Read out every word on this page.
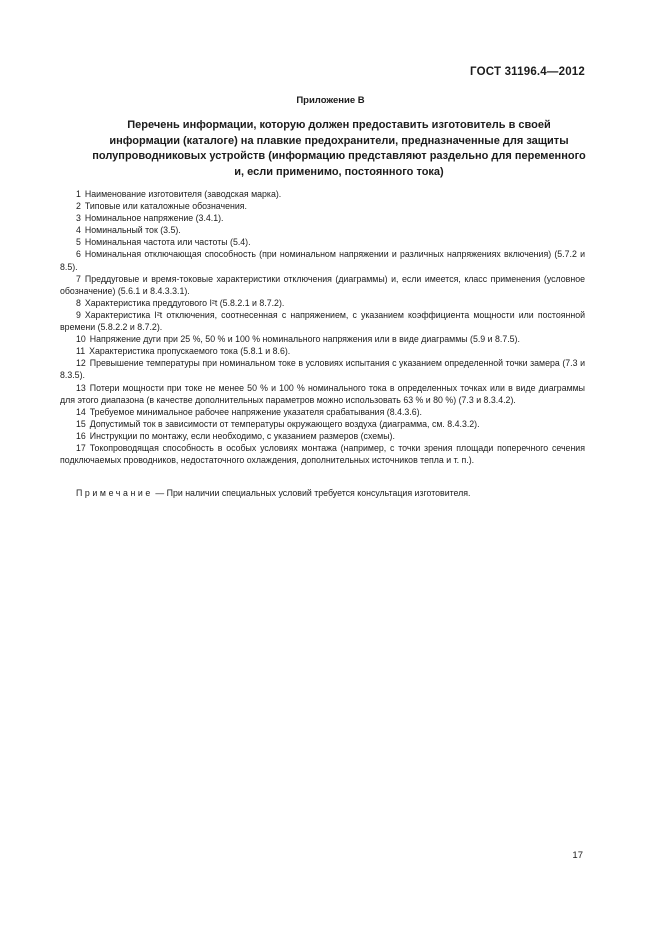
ГОСТ 31196.4—2012
Приложение В
Перечень информации, которую должен предоставить изготовитель в своей информации (каталоге) на плавкие предохранители, предназначенные для защиты полупроводниковых устройств (информацию представляют раздельно для переменного и, если применимо, постоянного тока)

1 Наименование изготовителя (заводская марка).

2 Типовые или каталожные обозначения.

3 Номинальное напряжение (3.4.1).

4 Номинальный ток (3.5).

5 Номинальная частота или частоты (5.4).

6 Номинальная отключающая способность (при номинальном напряжении и различных напряжениях включения) (5.7.2 и 8.5).

7 Преддуговые и время-токовые характеристики отключения (диаграммы) и, если имеется, класс применения (условное обозначение) (5.6.1 и 8.4.3.3.1).

8 Характеристика преддугового I²t (5.8.2.1 и 8.7.2).

9 Характеристика I²t отключения, соотнесенная с напряжением, с указанием коэффициента мощности или постоянной времени (5.8.2.2 и 8.7.2).

10 Напряжение дуги при 25 %, 50 % и 100 % номинального напряжения или в виде диаграммы (5.9 и 8.7.5).

11 Характеристика пропускаемого тока (5.8.1 и 8.6).

12 Превышение температуры при номинальном токе в условиях испытания с указанием определенной точки замера (7.3 и 8.3.5).

13 Потери мощности при токе не менее 50 % и 100 % номинального тока в определенных точках или в виде диаграммы для этого диапазона (в качестве дополнительных параметров можно использовать 63 % и 80 %) (7.3 и 8.3.4.2).

14 Требуемое минимальное рабочее напряжение указателя срабатывания (8.4.3.6).

15 Допустимый ток в зависимости от температуры окружающего воздуха (диаграмма, см. 8.4.3.2).

16 Инструкции по монтажу, если необходимо, с указанием размеров (схемы).

17 Токопроводящая способность в особых условиях монтажа (например, с точки зрения площади поперечного сечения подключаемых проводников, недостаточного охлаждения, дополнительных источников тепла и т. п.).

Примечание — При наличии специальных условий требуется консультация изготовителя.
17
